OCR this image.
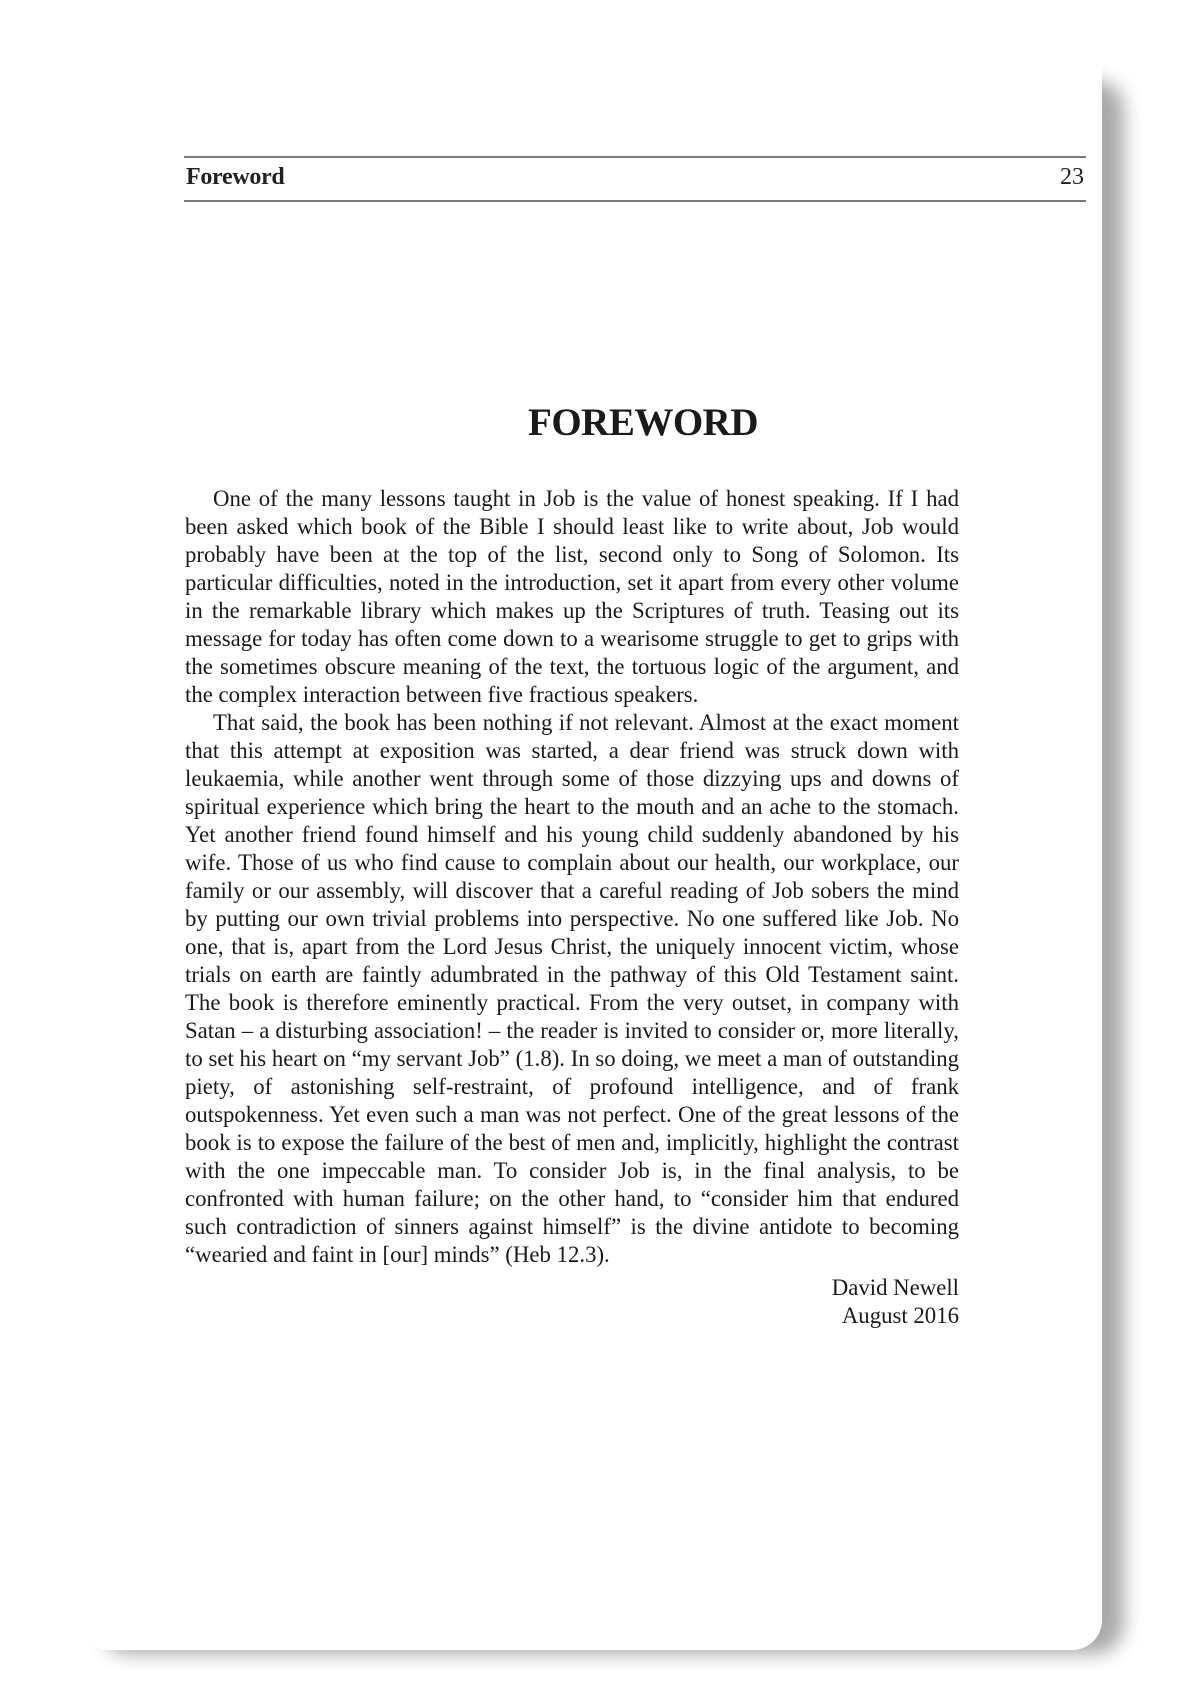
Foreword	23
FOREWORD

One of the many lessons taught in Job is the value of honest speaking. If I had been asked which book of the Bible I should least like to write about, Job would probably have been at the top of the list, second only to Song of Solomon. Its particular difficulties, noted in the introduction, set it apart from every other volume in the remarkable library which makes up the Scriptures of truth. Teasing out its message for today has often come down to a wearisome struggle to get to grips with the sometimes obscure meaning of the text, the tortuous logic of the argument, and the complex interaction between five fractious speakers.

That said, the book has been nothing if not relevant. Almost at the exact moment that this attempt at exposition was started, a dear friend was struck down with leukaemia, while another went through some of those dizzying ups and downs of spiritual experience which bring the heart to the mouth and an ache to the stomach. Yet another friend found himself and his young child suddenly abandoned by his wife. Those of us who find cause to complain about our health, our workplace, our family or our assembly, will discover that a careful reading of Job sobers the mind by putting our own trivial problems into perspective. No one suffered like Job. No one, that is, apart from the Lord Jesus Christ, the uniquely innocent victim, whose trials on earth are faintly adumbrated in the pathway of this Old Testament saint. The book is therefore eminently practical. From the very outset, in company with Satan – a disturbing association! – the reader is invited to consider or, more literally, to set his heart on “my servant Job” (1.8). In so doing, we meet a man of outstanding piety, of astonishing self-restraint, of profound intelligence, and of frank outspokenness. Yet even such a man was not perfect. One of the great lessons of the book is to expose the failure of the best of men and, implicitly, highlight the contrast with the one impeccable man. To consider Job is, in the final analysis, to be confronted with human failure; on the other hand, to “consider him that endured such contradiction of sinners against himself” is the divine antidote to becoming “wearied and faint in [our] minds” (Heb 12.3).

David Newell
August 2016
